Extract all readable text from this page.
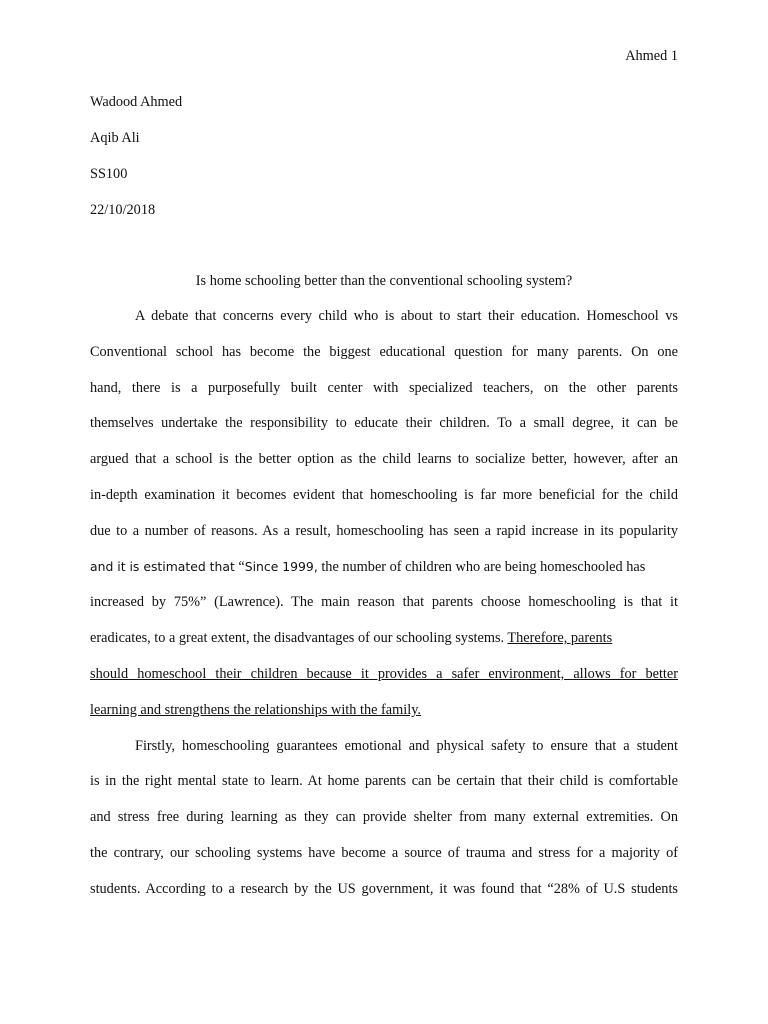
Ahmed 1
Wadood Ahmed
Aqib Ali
SS100
22/10/2018
Is home schooling better than the conventional schooling system?
A debate that concerns every child who is about to start their education. Homeschool vs
Conventional school has become the biggest educational question for many parents. On one
hand, there is a purposefully built center with specialized teachers, on the other parents
themselves undertake the responsibility to educate their children. To a small degree, it can be
argued that a school is the better option as the child learns to socialize better, however, after an
in-depth examination it becomes evident that homeschooling is far more beneficial for the child
due to a number of reasons. As a result, homeschooling has seen a rapid increase in its popularity
and it is estimated that “Since 1999, the number of children who are being homeschooled has
increased by 75%” (Lawrence). The main reason that parents choose homeschooling is that it
eradicates, to a great extent, the disadvantages of our schooling systems. Therefore, parents
should homeschool their children because it provides a safer environment, allows for better
learning and strengthens the relationships with the family.
Firstly, homeschooling guarantees emotional and physical safety to ensure that a student
is in the right mental state to learn. At home parents can be certain that their child is comfortable
and stress free during learning as they can provide shelter from many external extremities. On
the contrary, our schooling systems have become a source of trauma and stress for a majority of
students. According to a research by the US government, it was found that “28% of U.S students
